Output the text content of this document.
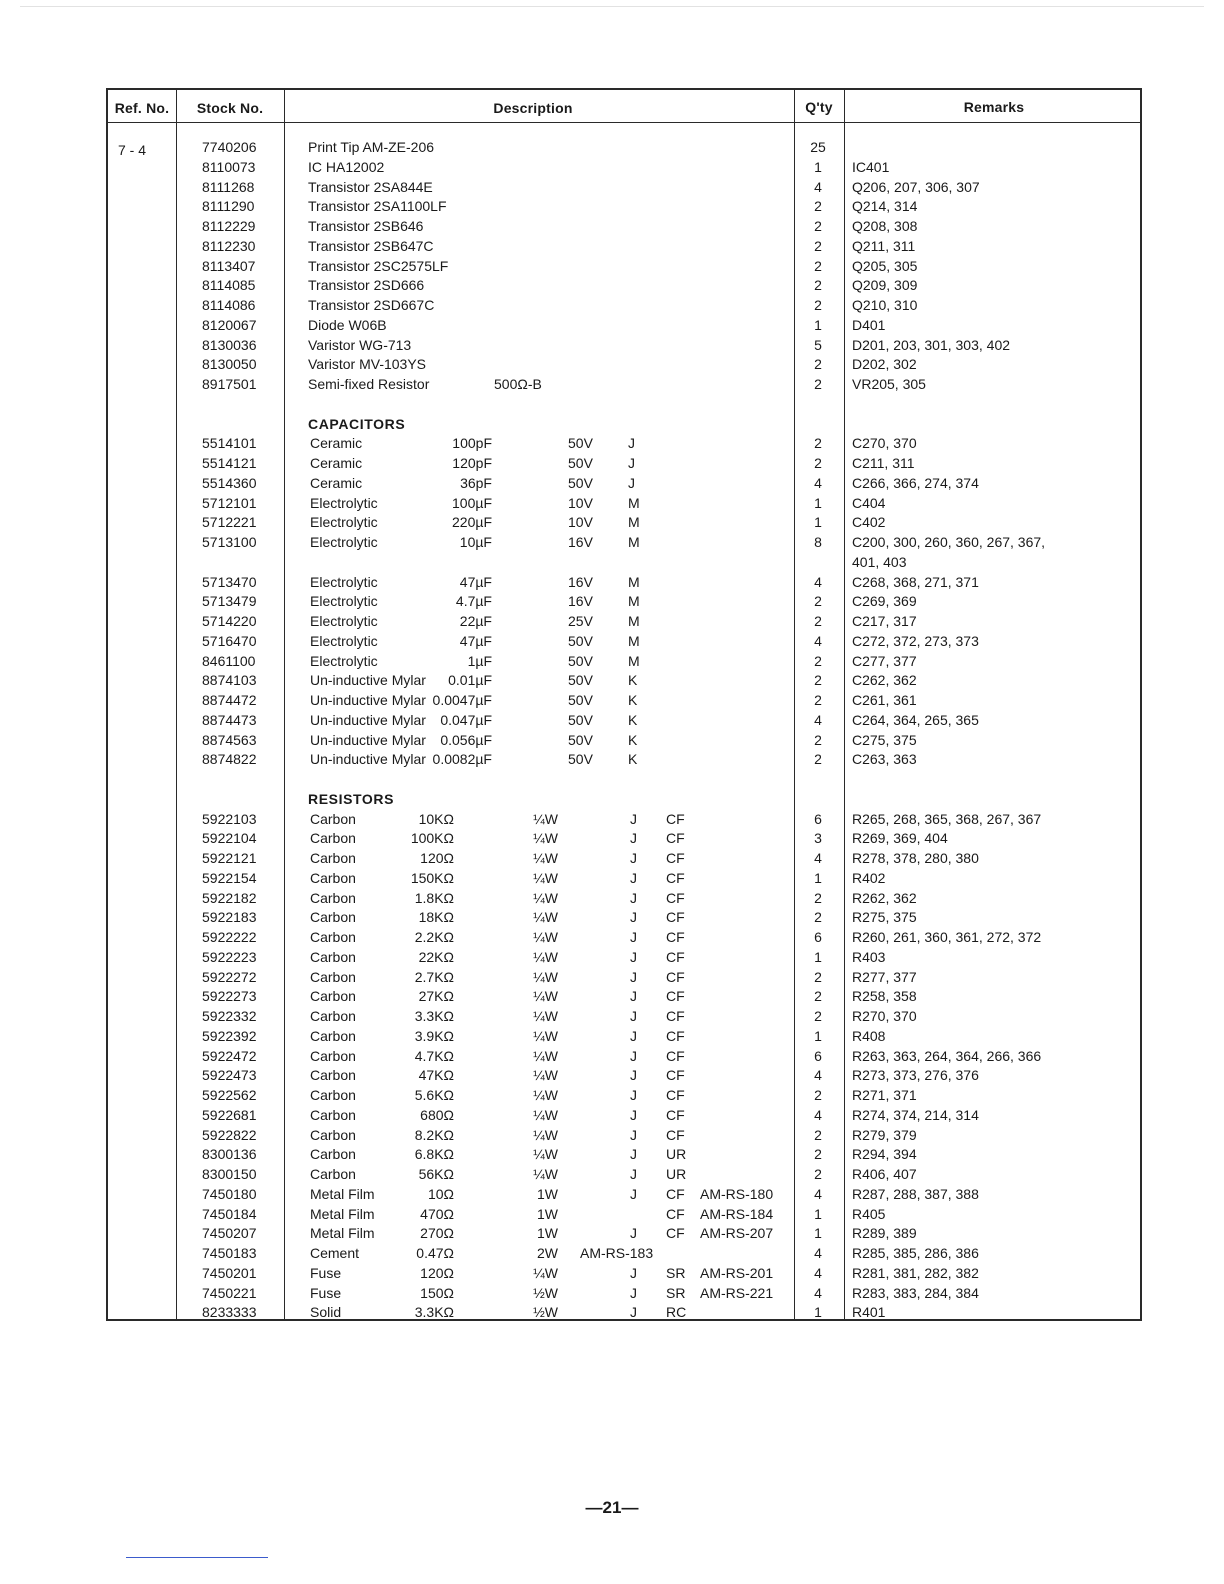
Ref. No.	Stock No.	Description	Q'ty	Remarks
7 - 4	7740206	Print Tip AM-ZE-206	25
8110073	IC HA12002	1	IC401
8111268	Transistor 2SA844E	4	Q206, 207, 306, 307
8111290	Transistor 2SA1100LF	2	Q214, 314
8112229	Transistor 2SB646	2	Q208, 308
8112230	Transistor 2SB647C	2	Q211, 311
8113407	Transistor 2SC2575LF	2	Q205, 305
8114085	Transistor 2SD666	2	Q209, 309
8114086	Transistor 2SD667C	2	Q210, 310
8120067	Diode W06B	1	D401
8130036	Varistor WG-713	5	D201, 203, 301, 303, 402
8130050	Varistor MV-103YS	2	D202, 302
8917501	Semi-fixed Resistor	500Ω-B	2	VR205, 305
CAPACITORS
5514101	Ceramic	100pF	50V	J	2	C270, 370
5514121	Ceramic	120pF	50V	J	2	C211, 311
5514360	Ceramic	36pF	50V	J	4	C266, 366, 274, 374
5712101	Electrolytic	100µF	10V	M	1	C404
5712221	Electrolytic	220µF	10V	M	1	C402
5713100	Electrolytic	10µF	16V	M	8	C200, 300, 260, 360, 267, 367,
401, 403
5713470	Electrolytic	47µF	16V	M	4	C268, 368, 271, 371
5713479	Electrolytic	4.7µF	16V	M	2	C269, 369
5714220	Electrolytic	22µF	25V	M	2	C217, 317
5716470	Electrolytic	47µF	50V	M	4	C272, 372, 273, 373
8461100	Electrolytic	1µF	50V	M	2	C277, 377
8874103	Un-inductive Mylar 0.01µF	50V	K	2	C262, 362
8874472	Un-inductive Mylar 0.0047µF	50V	K	2	C261, 361
8874473	Un-inductive Mylar 0.047µF	50V	K	4	C264, 364, 265, 365
8874563	Un-inductive Mylar 0.056µF	50V	K	2	C275, 375
8874822	Un-inductive Mylar 0.0082µF	50V	K	2	C263, 363
RESISTORS
5922103	Carbon	10KΩ	¼W	J CF	6	R265, 268, 365, 368, 267, 367
5922104	Carbon	100KΩ	¼W	J CF	3	R269, 369, 404
5922121	Carbon	120Ω	¼W	J CF	4	R278, 378, 280, 380
5922154	Carbon	150KΩ	¼W	J CF	1	R402
5922182	Carbon	1.8KΩ	¼W	J CF	2	R262, 362
5922183	Carbon	18KΩ	¼W	J CF	2	R275, 375
5922222	Carbon	2.2KΩ	¼W	J CF	6	R260, 261, 360, 361, 272, 372
5922223	Carbon	22KΩ	¼W	J CF	1	R403
5922272	Carbon	2.7KΩ	¼W	J CF	2	R277, 377
5922273	Carbon	27KΩ	¼W	J CF	2	R258, 358
5922332	Carbon	3.3KΩ	¼W	J CF	2	R270, 370
5922392	Carbon	3.9KΩ	¼W	J CF	1	R408
5922472	Carbon	4.7KΩ	¼W	J CF	6	R263, 363, 264, 364, 266, 366
5922473	Carbon	47KΩ	¼W	J CF	4	R273, 373, 276, 376
5922562	Carbon	5.6KΩ	¼W	J CF	2	R271, 371
5922681	Carbon	680Ω	¼W	J CF	4	R274, 374, 214, 314
5922822	Carbon	8.2KΩ	¼W	J CF	2	R279, 379
8300136	Carbon	6.8KΩ	¼W	J UR	2	R294, 394
8300150	Carbon	56KΩ	¼W	J UR	2	R406, 407
7450180	Metal Film	10Ω	1W	J CF AM-RS-180	4	R287, 288, 387, 388
7450184	Metal Film	470Ω	1W	CF AM-RS-184	1	R405
7450207	Metal Film	270Ω	1W	J CF AM-RS-207	1	R289, 389
7450183	Cement	0.47Ω	2W AM-RS-183	4	R285, 385, 286, 386
7450201	Fuse	120Ω	¼W	J SR AM-RS-201	4	R281, 381, 282, 382
7450221	Fuse	150Ω	½W	J SR AM-RS-221	4	R283, 383, 284, 384
8233333	Solid	3.3KΩ	½W	J RC	1	R401
—21—
